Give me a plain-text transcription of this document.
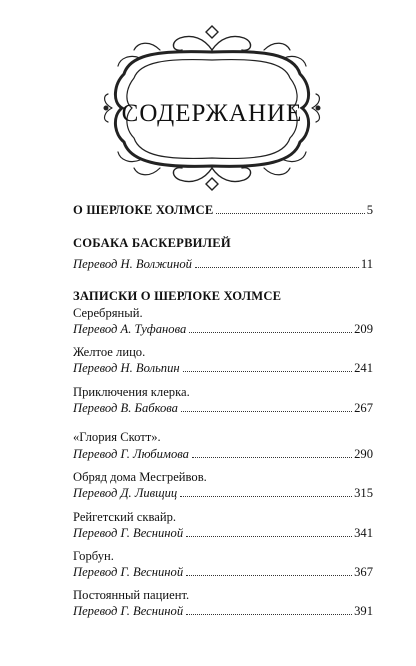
СОДЕРЖАНИЕ
О ШЕРЛОКЕ ХОЛМСЕ	5
СОБАКА БАСКЕРВИЛЕЙ
Перевод Н. Волжиной	11
ЗАПИСКИ О ШЕРЛОКЕ ХОЛМСЕ
Серебряный.
Перевод А. Туфанова	209
Желтое лицо.
Перевод Н. Вольпин	241
Приключения клерка.
Перевод В. Бабкова	267
«Глория Скотт».
Перевод Г. Любимова	290
Обряд дома Месгрейвов.
Перевод Д. Ливщиц	315
Рейгетский сквайр.
Перевод Г. Весниной	341
Горбун.
Перевод Г. Весниной	367
Постоянный пациент.
Перевод Г. Весниной	391
